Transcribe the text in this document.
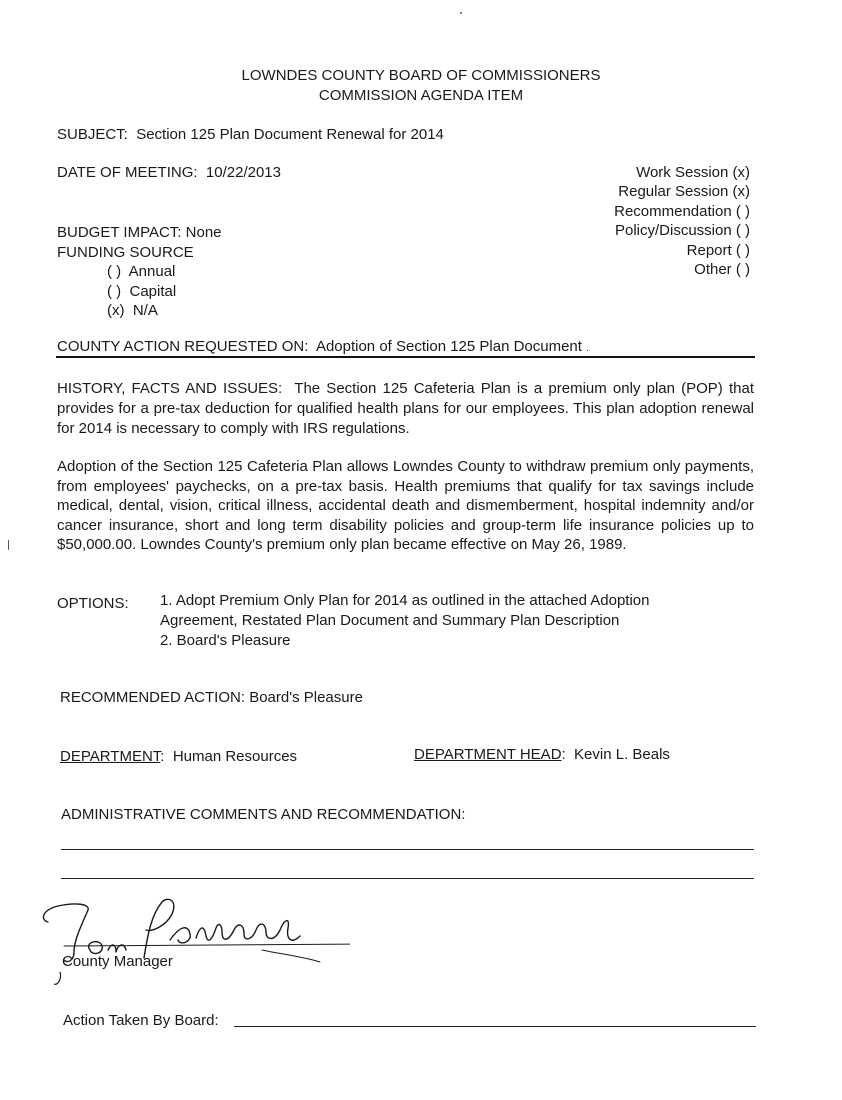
LOWNDES COUNTY BOARD OF COMMISSIONERS
COMMISSION AGENDA ITEM
SUBJECT: Section 125 Plan Document Renewal for 2014
DATE OF MEETING: 10/22/2013	Work Session (x)
Regular Session (x)
Recommendation ( )
Policy/Discussion ( )
Report ( )
Other ( )
BUDGET IMPACT: None
FUNDING SOURCE
( )  Annual
( )  Capital
(x)  N/A
COUNTY ACTION REQUESTED ON: Adoption of Section 125 Plan Document .
HISTORY, FACTS AND ISSUES: The Section 125 Cafeteria Plan is a premium only plan (POP) that provides for a pre-tax deduction for qualified health plans for our employees. This plan adoption renewal for 2014 is necessary to comply with IRS regulations.
Adoption of the Section 125 Cafeteria Plan allows Lowndes County to withdraw premium only payments, from employees' paychecks, on a pre-tax basis. Health premiums that qualify for tax savings include medical, dental, vision, critical illness, accidental death and dismemberment, hospital indemnity and/or cancer insurance, short and long term disability policies and group-term life insurance policies up to $50,000.00. Lowndes County's premium only plan became effective on May 26, 1989.
OPTIONS: 1. Adopt Premium Only Plan for 2014 as outlined in the attached Adoption Agreement, Restated Plan Document and Summary Plan Description
2. Board's Pleasure
RECOMMENDED ACTION: Board's Pleasure
DEPARTMENT:  Human Resources	DEPARTMENT HEAD:  Kevin L. Beals
ADMINISTRATIVE COMMENTS AND RECOMMENDATION:
County Manager
Action Taken By Board:
